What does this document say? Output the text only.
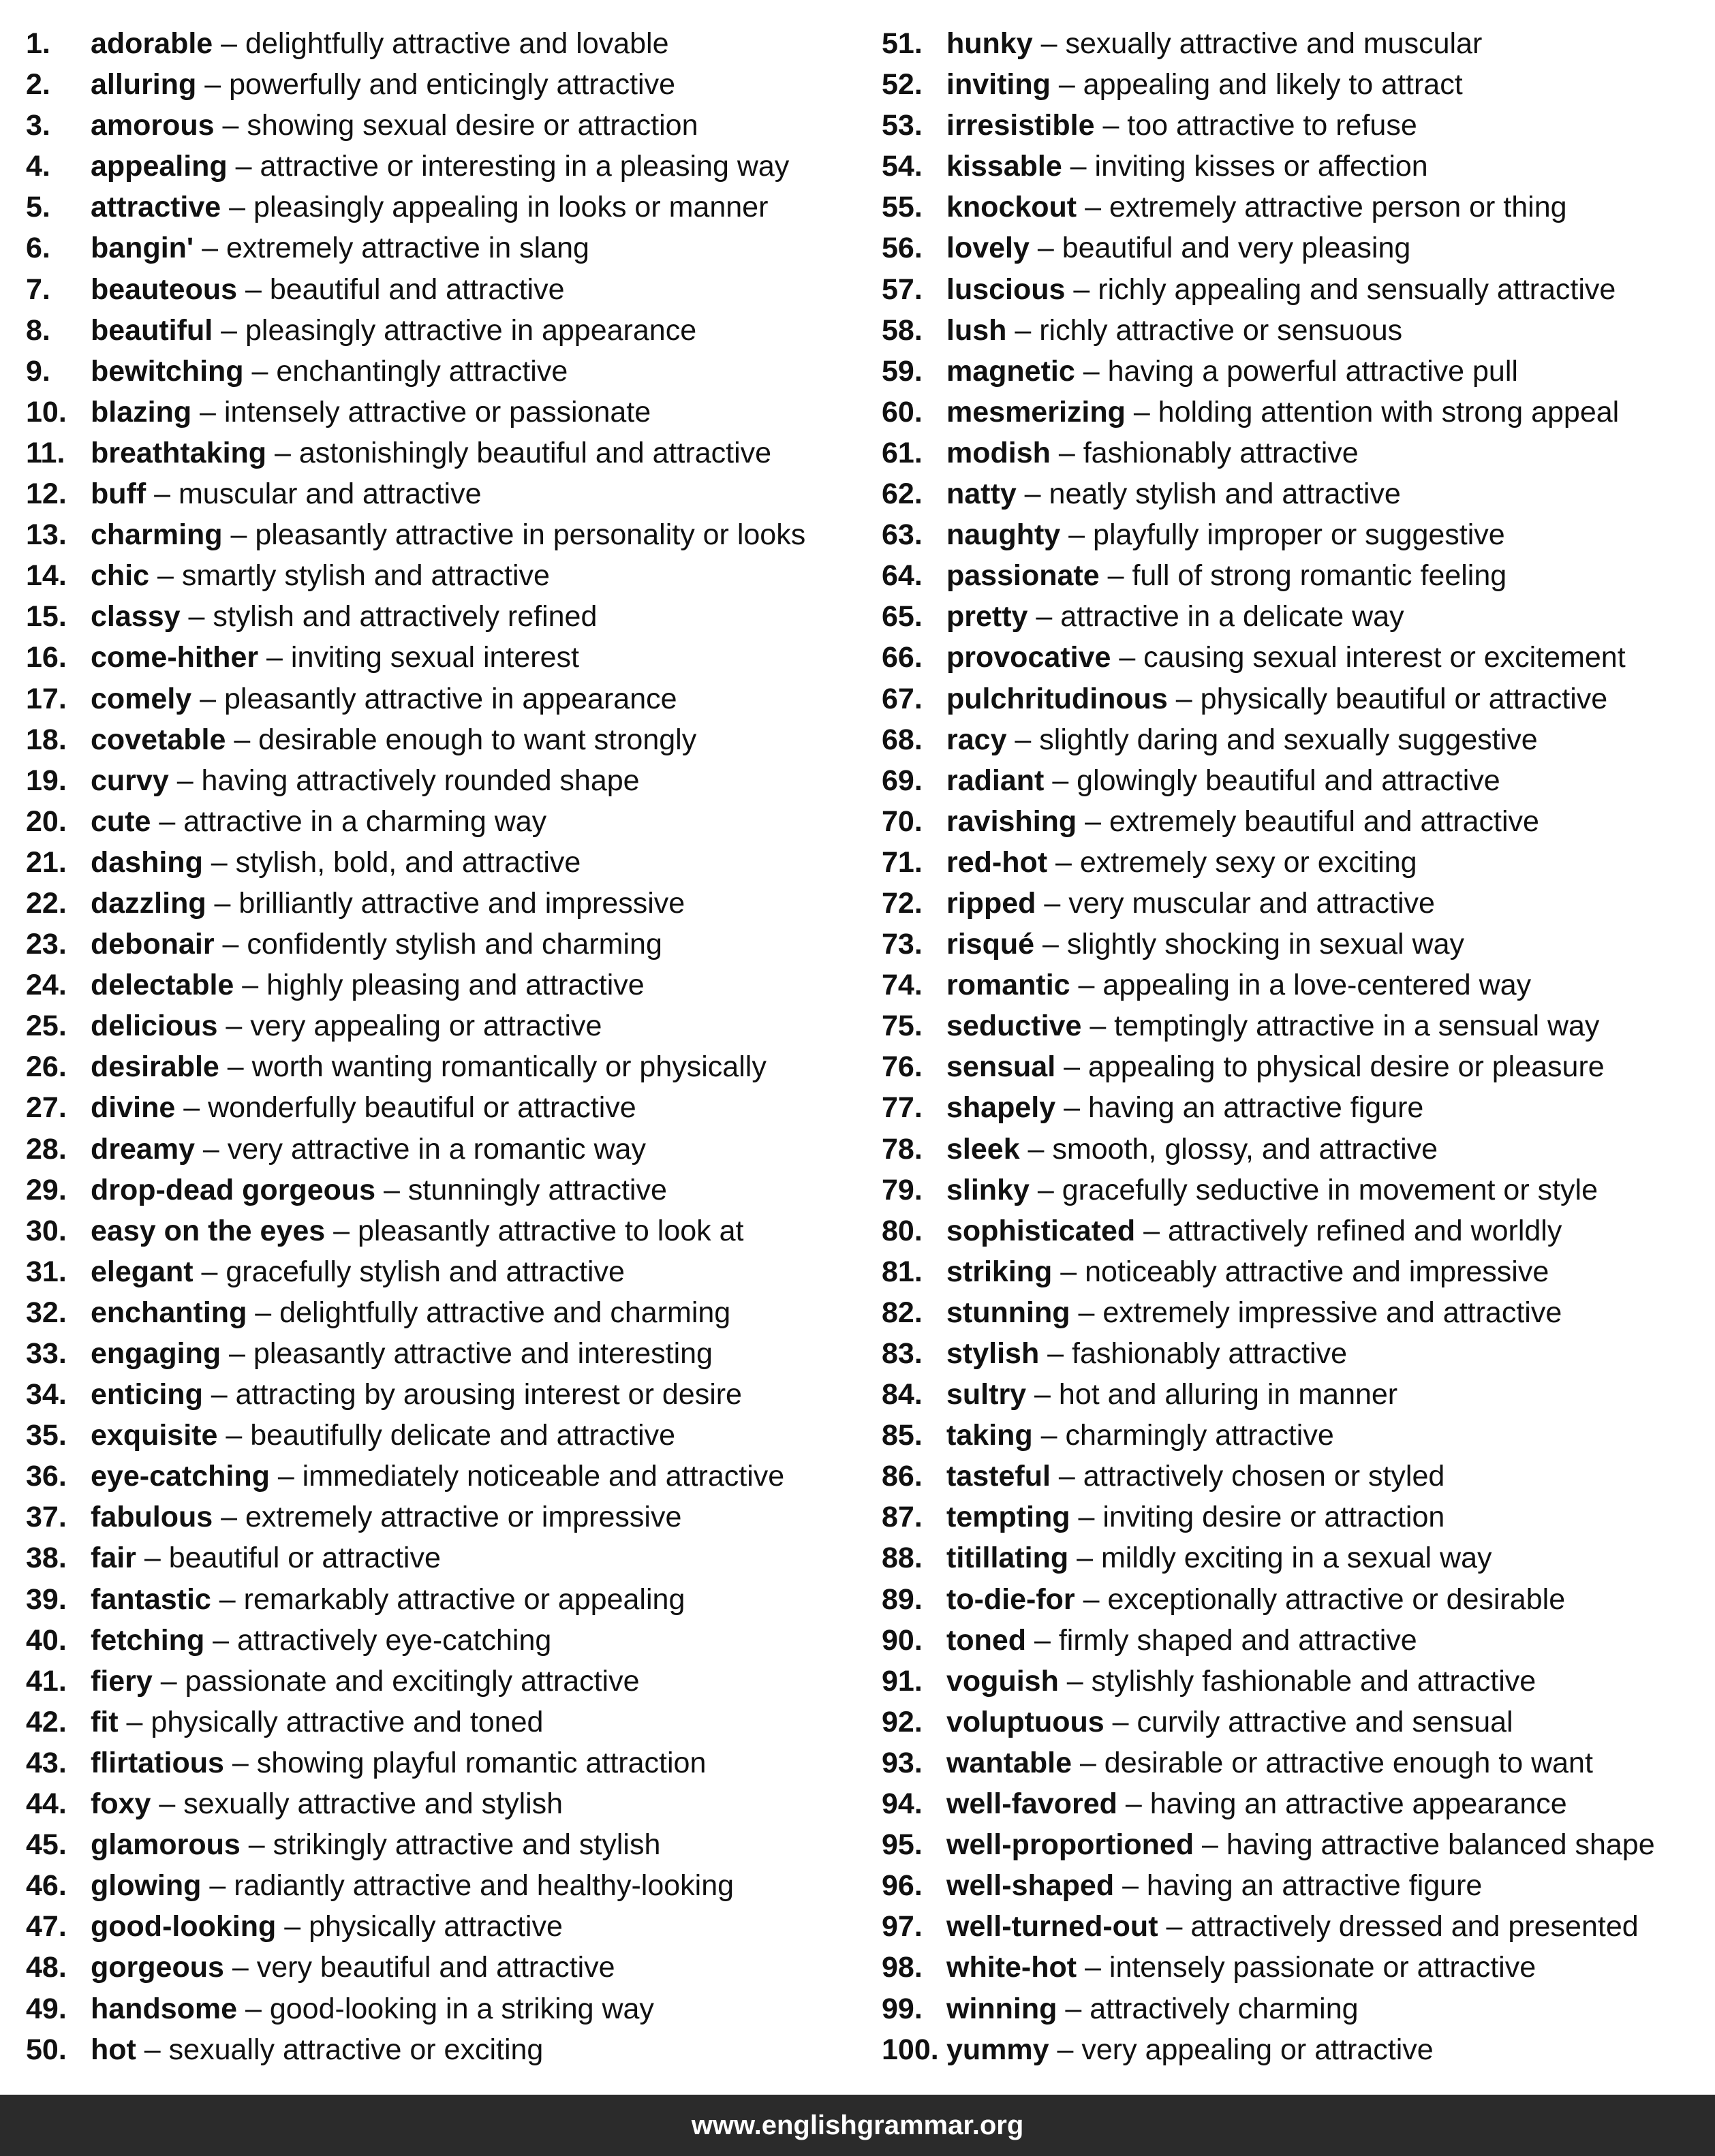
1. adorable – delightfully attractive and lovable
2. alluring – powerfully and enticingly attractive
3. amorous – showing sexual desire or attraction
4. appealing – attractive or interesting in a pleasing way
5. attractive – pleasingly appealing in looks or manner
6. bangin' – extremely attractive in slang
7. beauteous – beautiful and attractive
8. beautiful – pleasingly attractive in appearance
9. bewitching – enchantingly attractive
10. blazing – intensely attractive or passionate
11. breathtaking – astonishingly beautiful and attractive
12. buff – muscular and attractive
13. charming – pleasantly attractive in personality or looks
14. chic – smartly stylish and attractive
15. classy – stylish and attractively refined
16. come-hither – inviting sexual interest
17. comely – pleasantly attractive in appearance
18. covetable – desirable enough to want strongly
19. curvy – having attractively rounded shape
20. cute – attractive in a charming way
21. dashing – stylish, bold, and attractive
22. dazzling – brilliantly attractive and impressive
23. debonair – confidently stylish and charming
24. delectable – highly pleasing and attractive
25. delicious – very appealing or attractive
26. desirable – worth wanting romantically or physically
27. divine – wonderfully beautiful or attractive
28. dreamy – very attractive in a romantic way
29. drop-dead gorgeous – stunningly attractive
30. easy on the eyes – pleasantly attractive to look at
31. elegant – gracefully stylish and attractive
32. enchanting – delightfully attractive and charming
33. engaging – pleasantly attractive and interesting
34. enticing – attracting by arousing interest or desire
35. exquisite – beautifully delicate and attractive
36. eye-catching – immediately noticeable and attractive
37. fabulous – extremely attractive or impressive
38. fair – beautiful or attractive
39. fantastic – remarkably attractive or appealing
40. fetching – attractively eye-catching
41. fiery – passionate and excitingly attractive
42. fit – physically attractive and toned
43. flirtatious – showing playful romantic attraction
44. foxy – sexually attractive and stylish
45. glamorous – strikingly attractive and stylish
46. glowing – radiantly attractive and healthy-looking
47. good-looking – physically attractive
48. gorgeous – very beautiful and attractive
49. handsome – good-looking in a striking way
50. hot – sexually attractive or exciting
51. hunky – sexually attractive and muscular
52. inviting – appealing and likely to attract
53. irresistible – too attractive to refuse
54. kissable – inviting kisses or affection
55. knockout – extremely attractive person or thing
56. lovely – beautiful and very pleasing
57. luscious – richly appealing and sensually attractive
58. lush – richly attractive or sensuous
59. magnetic – having a powerful attractive pull
60. mesmerizing – holding attention with strong appeal
61. modish – fashionably attractive
62. natty – neatly stylish and attractive
63. naughty – playfully improper or suggestive
64. passionate – full of strong romantic feeling
65. pretty – attractive in a delicate way
66. provocative – causing sexual interest or excitement
67. pulchritudinous – physically beautiful or attractive
68. racy – slightly daring and sexually suggestive
69. radiant – glowingly beautiful and attractive
70. ravishing – extremely beautiful and attractive
71. red-hot – extremely sexy or exciting
72. ripped – very muscular and attractive
73. risqué – slightly shocking in sexual way
74. romantic – appealing in a love-centered way
75. seductive – temptingly attractive in a sensual way
76. sensual – appealing to physical desire or pleasure
77. shapely – having an attractive figure
78. sleek – smooth, glossy, and attractive
79. slinky – gracefully seductive in movement or style
80. sophisticated – attractively refined and worldly
81. striking – noticeably attractive and impressive
82. stunning – extremely impressive and attractive
83. stylish – fashionably attractive
84. sultry – hot and alluring in manner
85. taking – charmingly attractive
86. tasteful – attractively chosen or styled
87. tempting – inviting desire or attraction
88. titillating – mildly exciting in a sexual way
89. to-die-for – exceptionally attractive or desirable
90. toned – firmly shaped and attractive
91. voguish – stylishly fashionable and attractive
92. voluptuous – curvily attractive and sensual
93. wantable – desirable or attractive enough to want
94. well-favored – having an attractive appearance
95. well-proportioned – having attractive balanced shape
96. well-shaped – having an attractive figure
97. well-turned-out – attractively dressed and presented
98. white-hot – intensely passionate or attractive
99. winning – attractively charming
100. yummy – very appealing or attractive
www.englishgrammar.org
